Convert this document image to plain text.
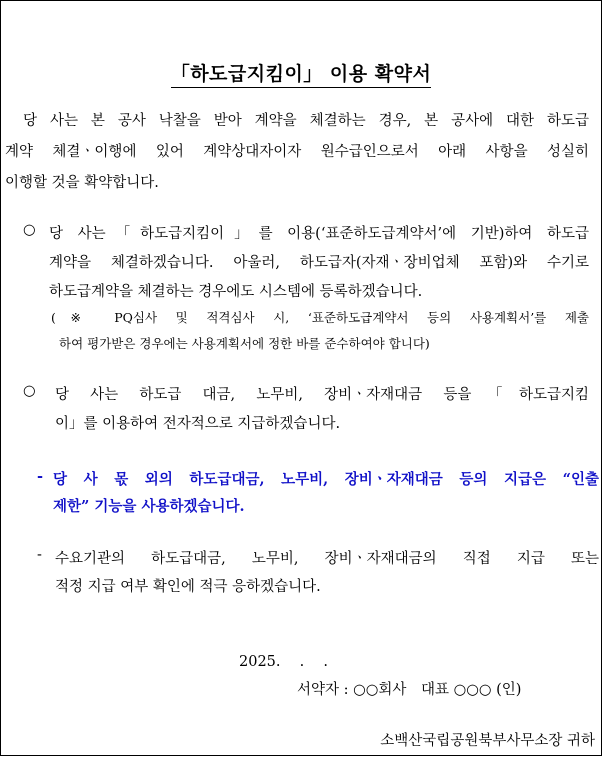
「하도급지킴이」 이용 확약서
당 사는 본 공사 낙찰을 받아 계약을 체결하는 경우, 본 공사에 대한 하도급
계약 체결ㆍ이행에 있어 계약상대자이자 원수급인으로서 아래 사항을 성실히
이행할 것을 확약합니다.
○ 당 사는「하도급지킴이」를 이용(‘표준하도급계약서’에 기반)하여 하도급
계약을 체결하겠습니다. 아울러, 하도급자(자재ㆍ장비업체 포함)와 수기로
하도급계약을 체결하는 경우에도 시스템에 등록하겠습니다.
(※ PQ심사 및 적격심사 시, ‘표준하도급계약서 등의 사용계획서’를 제출
하여 평가받은 경우에는 사용계획서에 정한 바를 준수하여야 합니다)
○ 당 사는 하도급 대금, 노무비, 장비ㆍ자재대금 등을「하도급지킴
이」를 이용하여 전자적으로 지급하겠습니다.
- 당 사 몫 외의 하도급대금, 노무비, 장비ㆍ자재대금 등의 지급은 “인출
제한” 기능을 사용하겠습니다.
- 수요기관의 하도급대금, 노무비, 장비ㆍ자재대금의 직접 지급 또는
적정 지급 여부 확인에 적극 응하겠습니다.
2025.　 .　 .
서약자 : ○○회사　대표 ○○○ (인)
소백산국립공원북부사무소장 귀하
